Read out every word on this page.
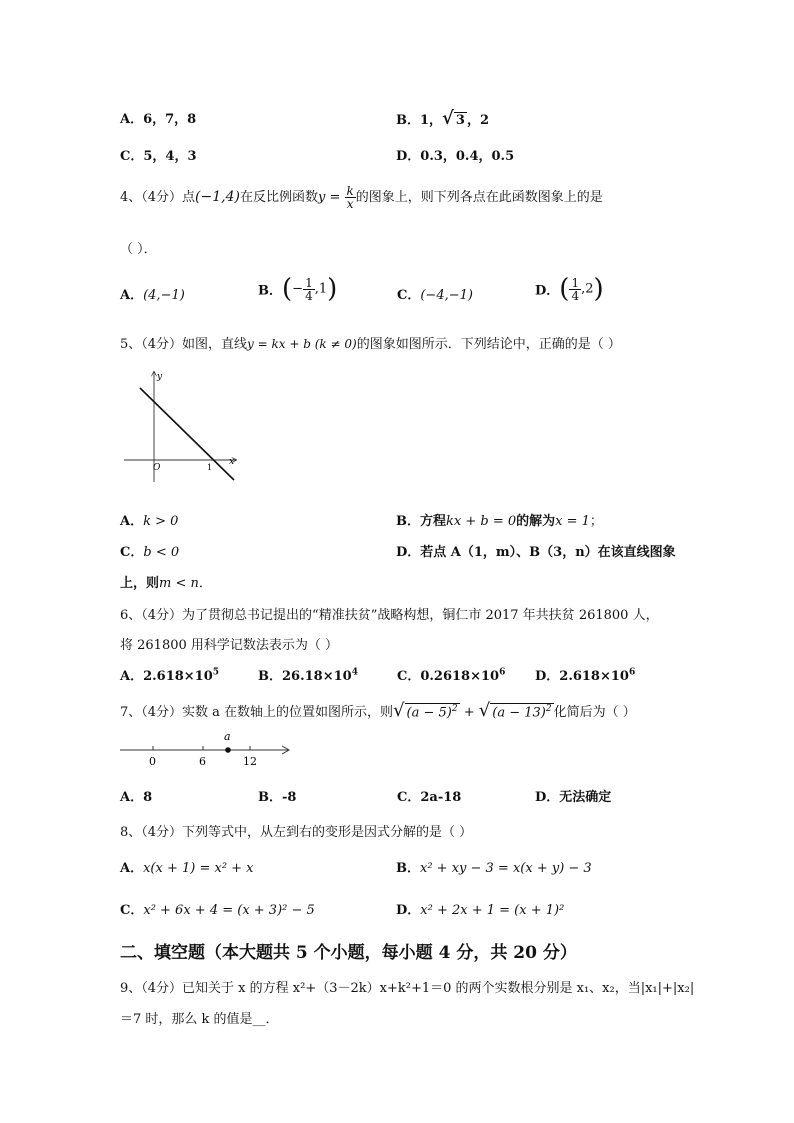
A．6，7，8	B．1，√ 3 ，2
C．5，4，3	D．0.3，0.4，0.5
4、（4分）点(−1,4)在反比例函数$y = \frac{k}{x}$ 的图象上，则下列各点在此函数图象上的是
（ ）．
A．(4,−1)	B．(− $\frac{1}{4} ,1$)	C．(−4,−1)	D．( $\frac{1}{4} ,2$)
5、（4分）如图，直线y = kx + b (k ≠ 0)的图象如图所示．下列结论中，正确的是（ ）
y
x
O	1
A．k > 0	B．方程kx + b = 0的解为x = 1；
C．b < 0	D．若点 A（1，m）、B（3，n）在该直线图象
上，则m < n．
6、（4分）为了贯彻总书记提出的“精准扶贫”战略构想，铜仁市 2017 年共扶贫 261800 人，
将 261800 用科学记数法表示为（ ）
A．$2.618\times 10^5$	B．$26.18\times 10^4$	C．$0.2618\times 10^6$ D．$2.618\times 10^6$
7、（4分）实数 a 在数轴上的位置如图所示，则√ $(a - 5)^2$ + √ $(a - 13)^2$ 化简后为（ ）
a
0	6	12
A．8	B．-8	C．2a-18	D．无法确定
8、（4分）下列等式中，从左到右的变形是因式分解的是（ ）
A．x(x + 1) = x² + x	B．x² + xy − 3 = x(x + y) − 3
C．x² + 6x + 4 = (x + 3)² − 5	D．x² + 2x + 1 = (x + 1)²
二、填空题（本大题共 5 个小题，每小题 4 分，共 20 分）
9、（4分）已知关于 x 的方程 x²+（3－2k）x+k²+1＝0 的两个实数根分别是 x₁、x₂，当|x₁|+|x₂|
＝7 时，那么 k 的值是__．
